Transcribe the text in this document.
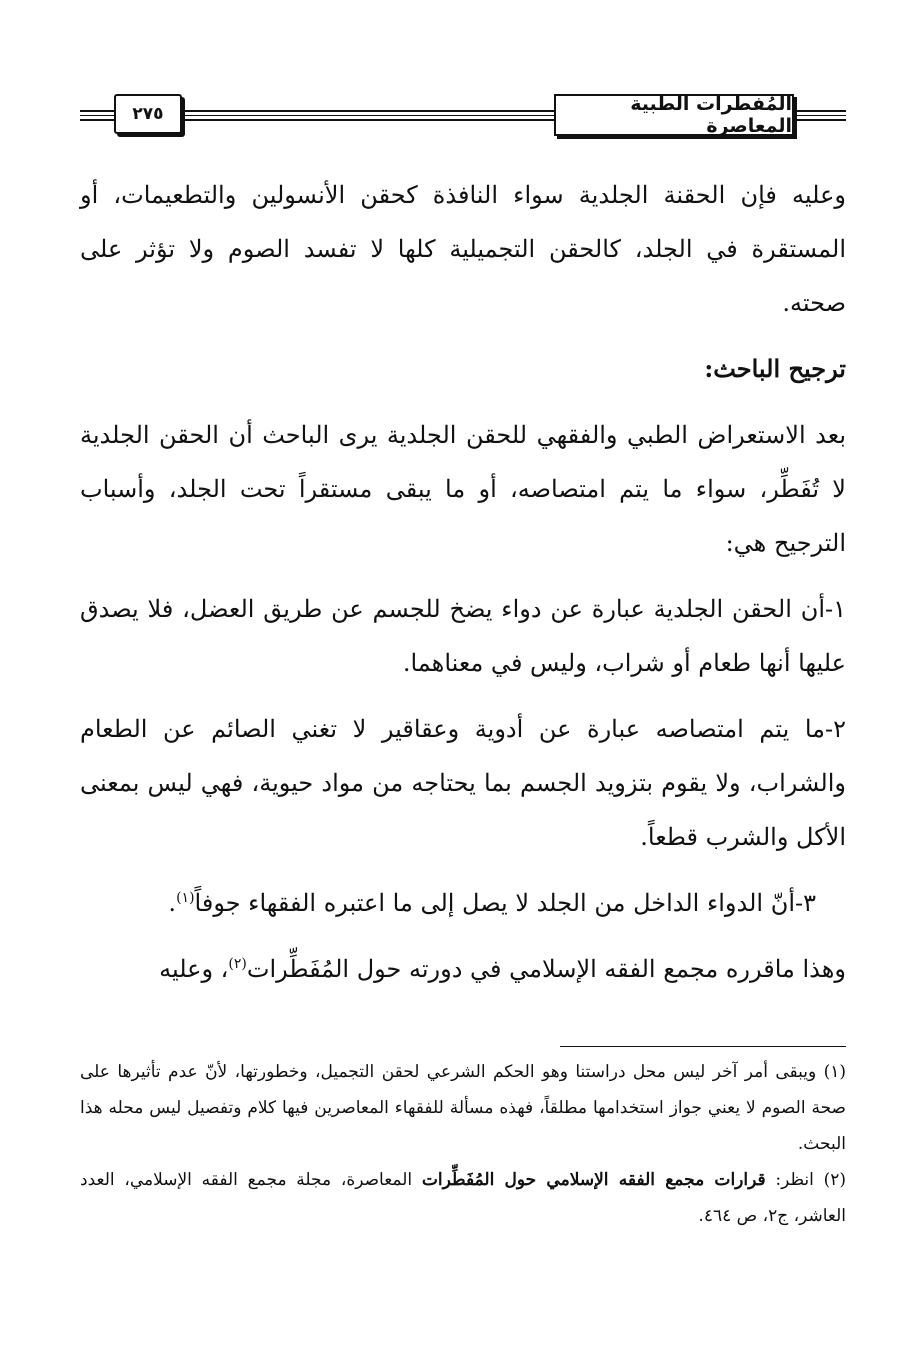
٢٧٥	المُفطرات الطبية المعاصرة

وعليه فإن الحقنة الجلدية سواء النافذة كحقن الأنسولين والتطعيمات، أو المستقرة في الجلد، كالحقن التجميلية كلها لا تفسد الصوم ولا تؤثر على صحته.

ترجيح الباحث:

بعد الاستعراض الطبي والفقهي للحقن الجلدية يرى الباحث أن الحقن الجلدية لا تُفَطِّر، سواء ما يتم امتصاصه، أو ما يبقى مستقراً تحت الجلد، وأسباب الترجيح هي:

١-أن الحقن الجلدية عبارة عن دواء يضخ للجسم عن طريق العضل، فلا يصدق عليها أنها طعام أو شراب، وليس في معناهما.

٢-ما يتم امتصاصه عبارة عن أدوية وعقاقير لا تغني الصائم عن الطعام والشراب، ولا يقوم بتزويد الجسم بما يحتاجه من مواد حيوية، فهي ليس بمعنى الأكل والشرب قطعاً.

٣-أنّ الدواء الداخل من الجلد لا يصل إلى ما اعتبره الفقهاء جوفاً$^{(١)}$.

وهذا ماقرره مجمع الفقه الإسلامي في دورته حول المُفَطِّرات$^{(٢)}$، وعليه

(١) ويبقى أمر آخر ليس محل دراستنا وهو الحكم الشرعي لحقن التجميل، وخطورتها، لأنّ عدم تأثيرها على صحة الصوم لا يعني جواز استخدامها مطلقاً، فهذه مسألة للفقهاء المعاصرين فيها كلام وتفصيل ليس محله هذا البحث.

(٢) انظر: قرارات مجمع الفقه الإسلامي حول المُفَطِّرات المعاصرة، مجلة مجمع الفقه الإسلامي، العدد العاشر، ج٢، ص ٤٦٤.
